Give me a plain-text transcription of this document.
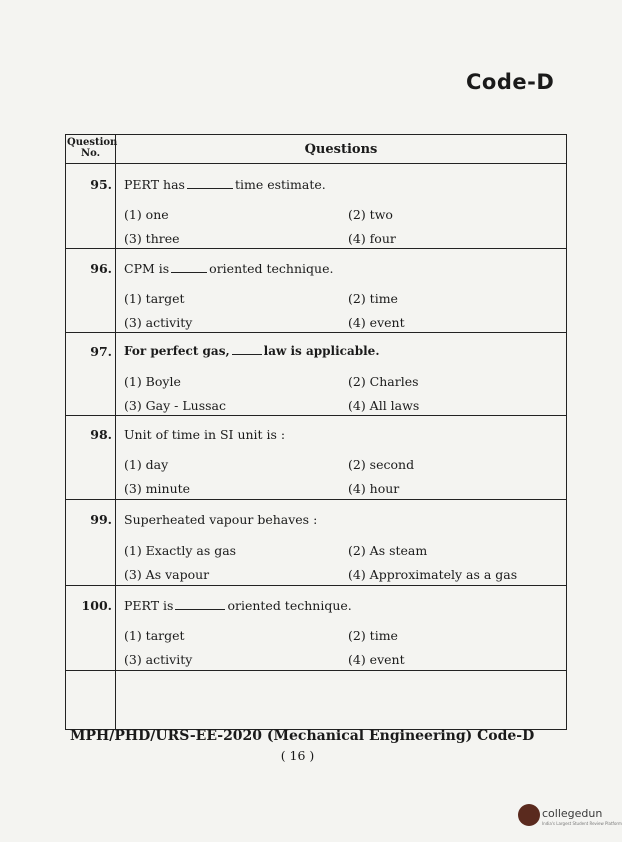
Code-D
Question No.	Questions
95. PERT has	time estimate.
(1) one	(2) two
(3) three	(4) four
96. CPM is	oriented technique.
(1) target	(2) time
(3) activity	(4) event
97. For perfect gas,	law is applicable.
(1) Boyle	(2) Charles
(3) Gay - Lussac	(4) All laws
98. Unit of time in SI unit is :
(1) day	(2) second
(3) minute	(4) hour
99. Superheated vapour behaves :
(1) Exactly as gas	(2) As steam
(3) As vapour	(4) Approximately as a gas
100. PERT is	oriented technique.
(1) target	(2) time
(3) activity	(4) event
MPH/PHD/URS-EE-2020 (Mechanical Engineering) Code-D
( 16 )
collegedun
India's Largest Student Review Platform
